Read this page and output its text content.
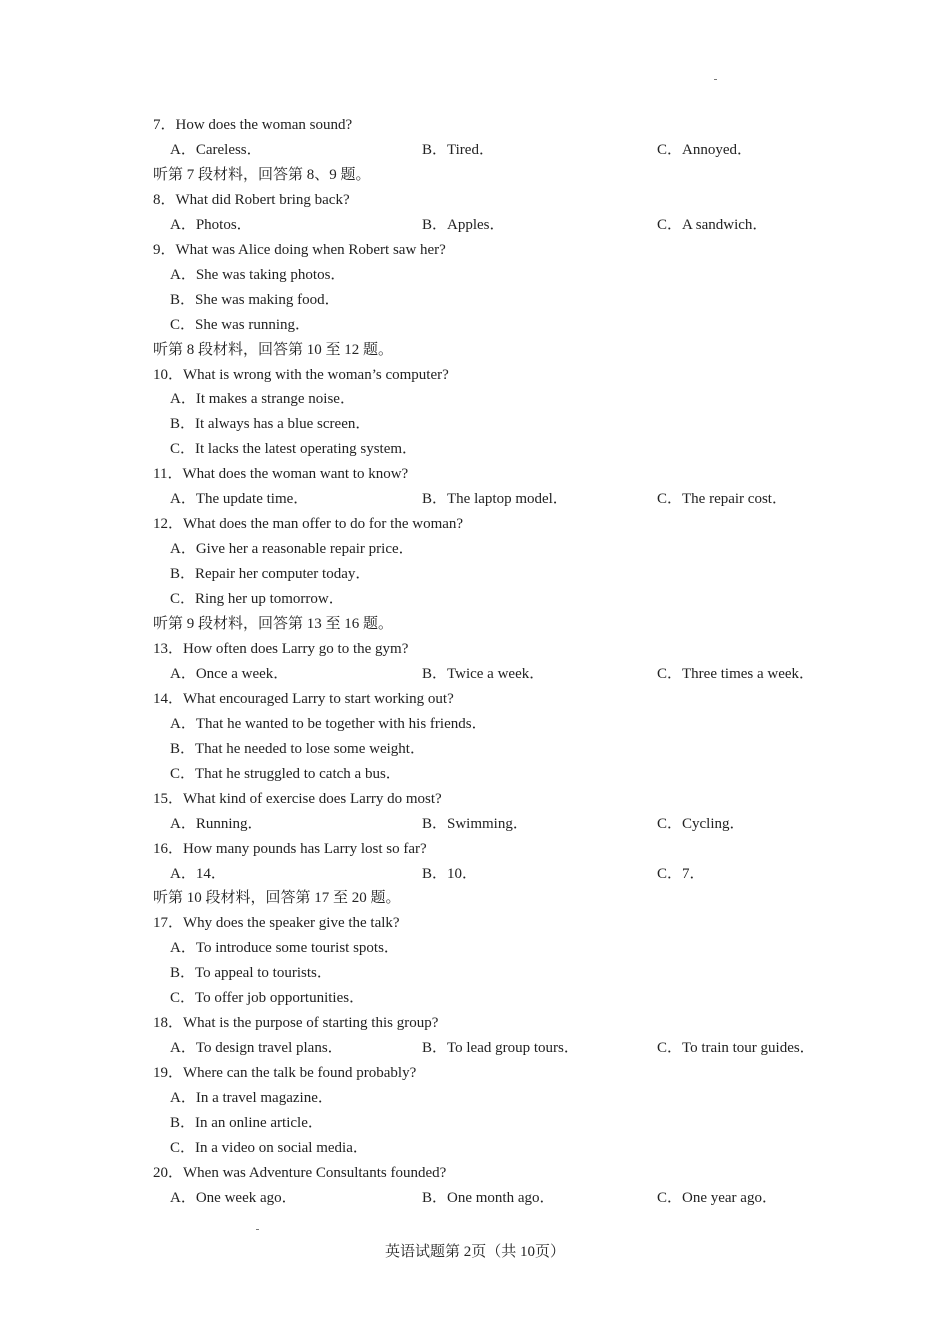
7．How does the woman sound?
A．Careless．	B．Tired．	C．Annoyed．
听第 7 段材料，回答第 8、9 题。
8．What did Robert bring back?
A．Photos．	B．Apples．	C．A sandwich．
9．What was Alice doing when Robert saw her?
A．She was taking photos．
B．She was making food．
C．She was running．
听第 8 段材料，回答第 10 至 12 题。
10．What is wrong with the woman’s computer?
A．It makes a strange noise．
B．It always has a blue screen．
C．It lacks the latest operating system．
11．What does the woman want to know?
A．The update time．	B．The laptop model．	C．The repair cost．
12．What does the man offer to do for the woman?
A．Give her a reasonable repair price．
B．Repair her computer today．
C．Ring her up tomorrow．
听第 9 段材料，回答第 13 至 16 题。
13．How often does Larry go to the gym?
A．Once a week．	B．Twice a week．	C．Three times a week．
14．What encouraged Larry to start working out?
A．That he wanted to be together with his friends．
B．That he needed to lose some weight．
C．That he struggled to catch a bus．
15．What kind of exercise does Larry do most?
A．Running．	B．Swimming．	C．Cycling．
16．How many pounds has Larry lost so far?
A．14．	B．10．	C．7．
听第 10 段材料，回答第 17 至 20 题。
17．Why does the speaker give the talk?
A．To introduce some tourist spots．
B．To appeal to tourists．
C．To offer job opportunities．
18．What is the purpose of starting this group?
A．To design travel plans．	B．To lead group tours．	C．To train tour guides．
19．Where can the talk be found probably?
A．In a travel magazine．
B．In an online article．
C．In a video on social media．
20．When was Adventure Consultants founded?
A．One week ago．	B．One month ago．	C．One year ago．
英语试题第 2页（共 10页）
